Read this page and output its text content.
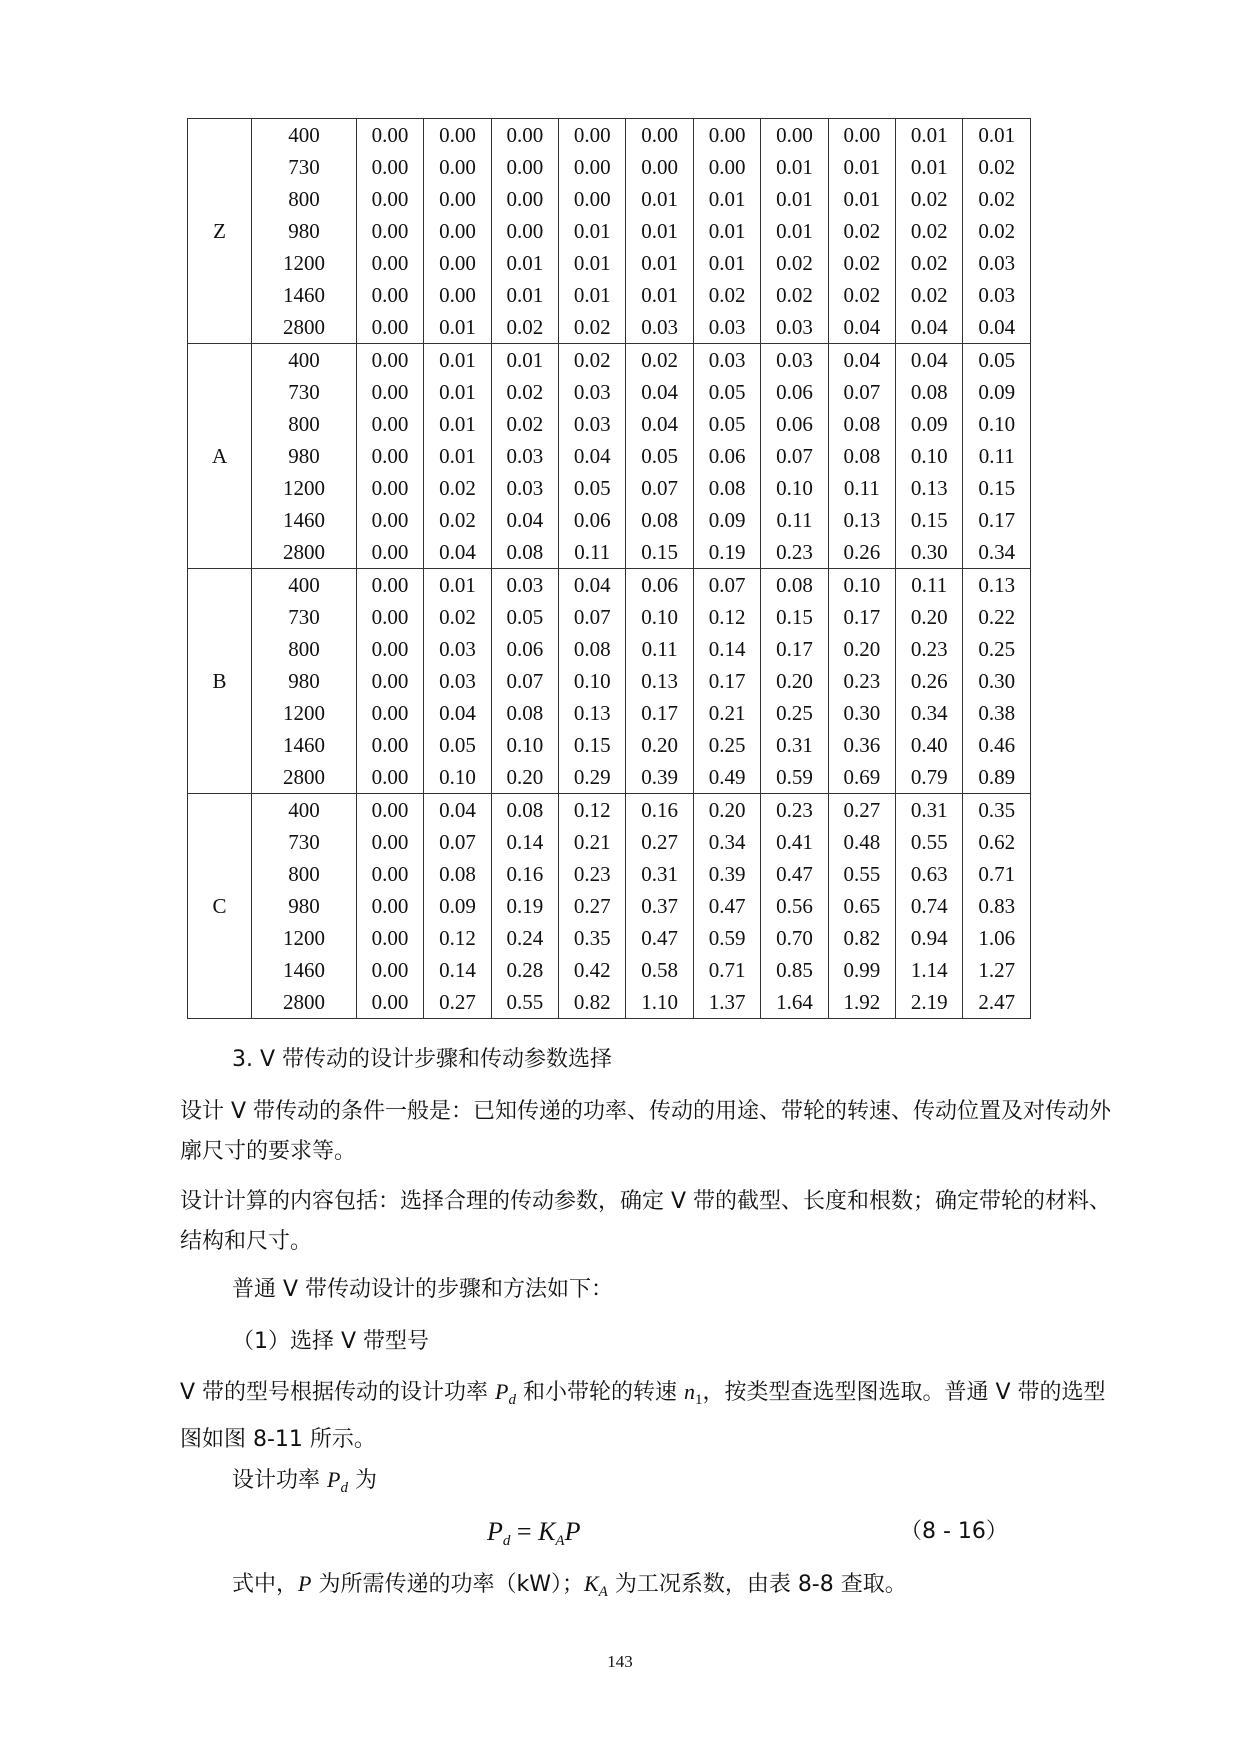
Z	400	0.00	0.00	0.00	0.00	0.00	0.00	0.00	0.00	0.01	0.01
	730	0.00	0.00	0.00	0.00	0.00	0.00	0.01	0.01	0.01	0.02
	800	0.00	0.00	0.00	0.00	0.01	0.01	0.01	0.01	0.02	0.02
	980	0.00	0.00	0.00	0.01	0.01	0.01	0.01	0.02	0.02	0.02
	1200	0.00	0.00	0.01	0.01	0.01	0.01	0.02	0.02	0.02	0.03
	1460	0.00	0.00	0.01	0.01	0.01	0.02	0.02	0.02	0.02	0.03
	2800	0.00	0.01	0.02	0.02	0.03	0.03	0.03	0.04	0.04	0.04
A	400	0.00	0.01	0.01	0.02	0.02	0.03	0.03	0.04	0.04	0.05
	730	0.00	0.01	0.02	0.03	0.04	0.05	0.06	0.07	0.08	0.09
	800	0.00	0.01	0.02	0.03	0.04	0.05	0.06	0.08	0.09	0.10
	980	0.00	0.01	0.03	0.04	0.05	0.06	0.07	0.08	0.10	0.11
	1200	0.00	0.02	0.03	0.05	0.07	0.08	0.10	0.11	0.13	0.15
	1460	0.00	0.02	0.04	0.06	0.08	0.09	0.11	0.13	0.15	0.17
	2800	0.00	0.04	0.08	0.11	0.15	0.19	0.23	0.26	0.30	0.34
B	400	0.00	0.01	0.03	0.04	0.06	0.07	0.08	0.10	0.11	0.13
	730	0.00	0.02	0.05	0.07	0.10	0.12	0.15	0.17	0.20	0.22
	800	0.00	0.03	0.06	0.08	0.11	0.14	0.17	0.20	0.23	0.25
	980	0.00	0.03	0.07	0.10	0.13	0.17	0.20	0.23	0.26	0.30
	1200	0.00	0.04	0.08	0.13	0.17	0.21	0.25	0.30	0.34	0.38
	1460	0.00	0.05	0.10	0.15	0.20	0.25	0.31	0.36	0.40	0.46
	2800	0.00	0.10	0.20	0.29	0.39	0.49	0.59	0.69	0.79	0.89
C	400	0.00	0.04	0.08	0.12	0.16	0.20	0.23	0.27	0.31	0.35
	730	0.00	0.07	0.14	0.21	0.27	0.34	0.41	0.48	0.55	0.62
	800	0.00	0.08	0.16	0.23	0.31	0.39	0.47	0.55	0.63	0.71
	980	0.00	0.09	0.19	0.27	0.37	0.47	0.56	0.65	0.74	0.83
	1200	0.00	0.12	0.24	0.35	0.47	0.59	0.70	0.82	0.94	1.06
	1460	0.00	0.14	0.28	0.42	0.58	0.71	0.85	0.99	1.14	1.27
	2800	0.00	0.27	0.55	0.82	1.10	1.37	1.64	1.92	2.19	2.47

3. V 带传动的设计步骤和传动参数选择

设计 V 带传动的条件一般是：已知传递的功率、传动的用途、带轮的转速、传动位置及对传动外廓尺寸的要求等。

设计计算的内容包括：选择合理的传动参数，确定 V 带的截型、长度和根数；确定带轮的材料、结构和尺寸。

普通 V 带传动设计的步骤和方法如下：

（1）选择 V 带型号

V 带的型号根据传动的设计功率 $P_d$ 和小带轮的转速 $n_1$，按类型查选型图选取。普通 V 带的选型图如图 8-11 所示。

设计功率 $P_d$ 为

$P_d = K_AP$	（8 - 16）

式中，P 为所需传递的功率（kW）；$K_A$ 为工况系数，由表 8-8 查取。

143
